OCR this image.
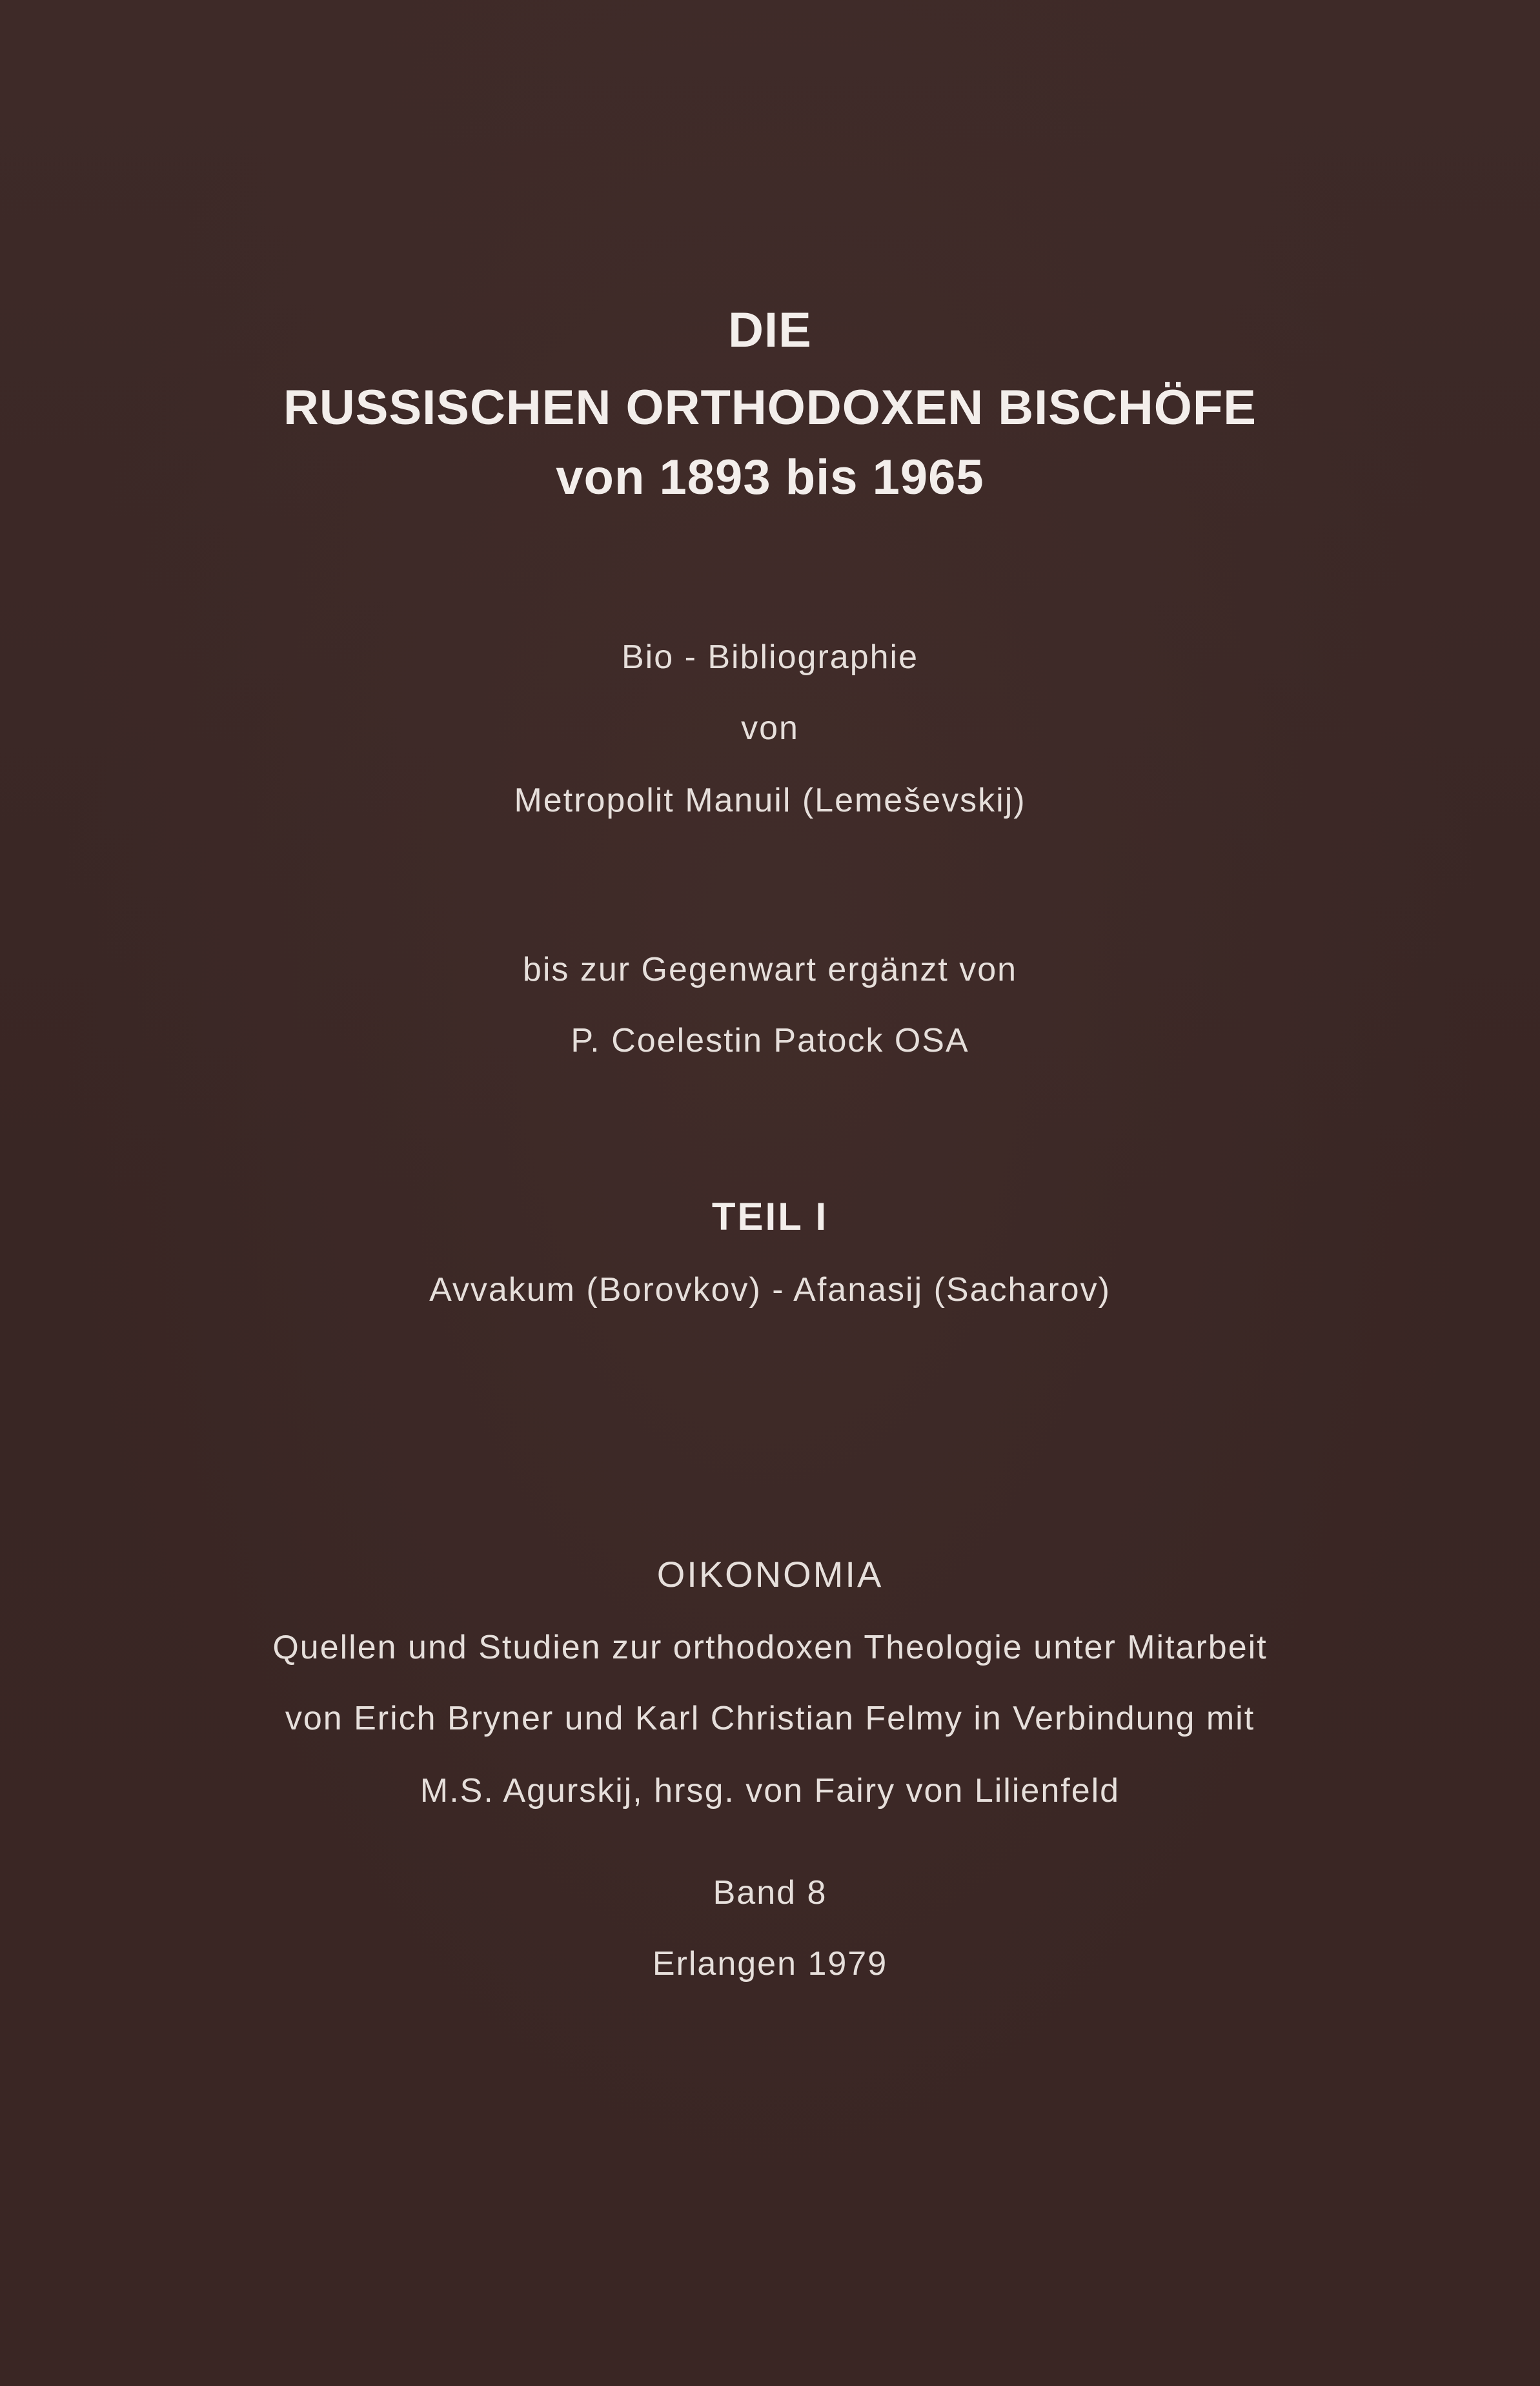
DIE
RUSSISCHEN ORTHODOXEN BISCHÖFE
von 1893 bis 1965
Bio - Bibliographie
von
Metropolit Manuil (Lemeševskij)
bis zur Gegenwart ergänzt von
P. Coelestin Patock OSA
TEIL I
Avvakum (Borovkov) - Afanasij (Sacharov)
OIKONOMIA
Quellen und Studien zur orthodoxen Theologie unter Mitarbeit
von Erich Bryner und Karl Christian Felmy in Verbindung mit
M.S. Agurskij, hrsg. von Fairy von Lilienfeld
Band 8
Erlangen 1979
